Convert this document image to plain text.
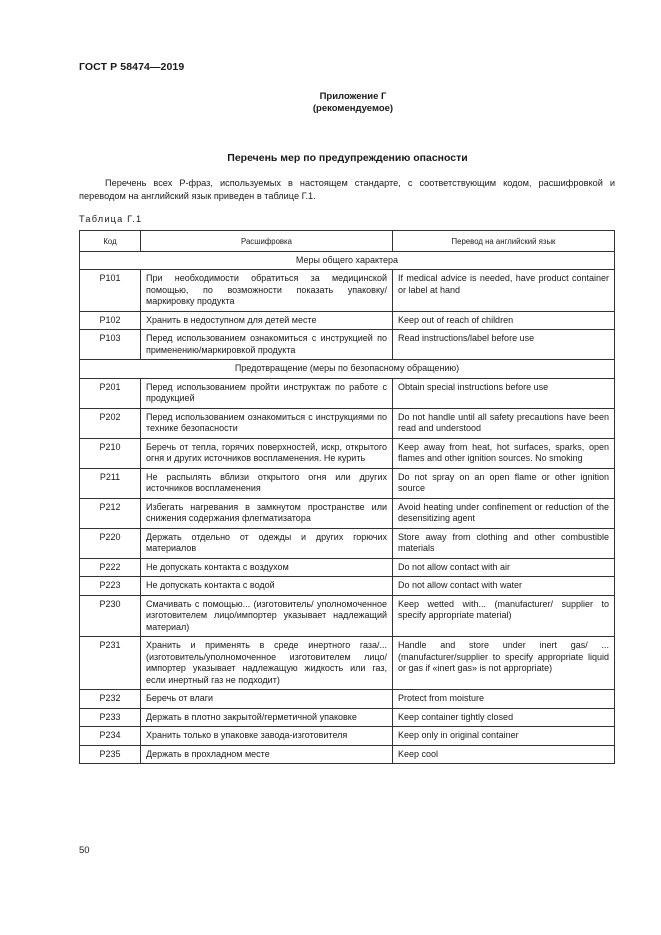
ГОСТ Р 58474—2019
Приложение Г
(рекомендуемое)
Перечень мер по предупреждению опасности
Перечень всех Р-фраз, используемых в настоящем стандарте, с соответствующим кодом, расшифровкой и переводом на английский язык приведен в таблице Г.1.
Таблица Г.1
Код	Расшифровка	Перевод на английский язык
Меры общего характера		
P101	При необходимости обратиться за медицинской помощью, по возможности показать упаковку/маркировку продукта	If medical advice is needed, have product container or label at hand
P102	Хранить в недоступном для детей месте	Keep out of reach of children
P103	Перед использованием ознакомиться с инструкцией по применению/маркировкой продукта	Read instructions/label before use
Предотвращение (меры по безопасному обращению)		
P201	Перед использованием пройти инструктаж по работе с продукцией	Obtain special instructions before use
P202	Перед использованием ознакомиться с инструкциями по технике безопасности	Do not handle until all safety precautions have been read and understood
P210	Беречь от тепла, горячих поверхностей, искр, открытого огня и других источников воспламенения. Не курить	Keep away from heat, hot surfaces, sparks, open flames and other ignition sources. No smoking
P211	Не распылять вблизи открытого огня или других источников воспламенения	Do not spray on an open flame or other ignition source
P212	Избегать нагревания в замкнутом пространстве или снижения содержания флегматизатора	Avoid heating under confinement or reduction of the desensitizing agent
P220	Держать отдельно от одежды и других горючих материалов	Store away from clothing and other combustible materials
P222	Не допускать контакта с воздухом	Do not allow contact with air
P223	Не допускать контакта с водой	Do not allow contact with water
P230	Смачивать с помощью... (изготовитель/ уполномоченное изготовителем лицо/импортер указывает надлежащий материал)	Keep wetted with... (manufacturer/ supplier to specify appropriate material)
P231	Хранить и применять в среде инертного газа/... (изготовитель/уполномоченное изготовителем лицо/импортер указывает надлежащую жидкость или газ, если инертный газ не подходит)	Handle and store under inert gas/ ... (manufacturer/supplier to specify appropriate liquid or gas if «inert gas» is not appropriate)
P232	Беречь от влаги	Protect from moisture
P233	Держать в плотно закрытой/герметичной упаковке	Keep container tightly closed
P234	Хранить только в упаковке завода-изготовителя	Keep only in original container
P235	Держать в прохладном месте	Keep cool
50
